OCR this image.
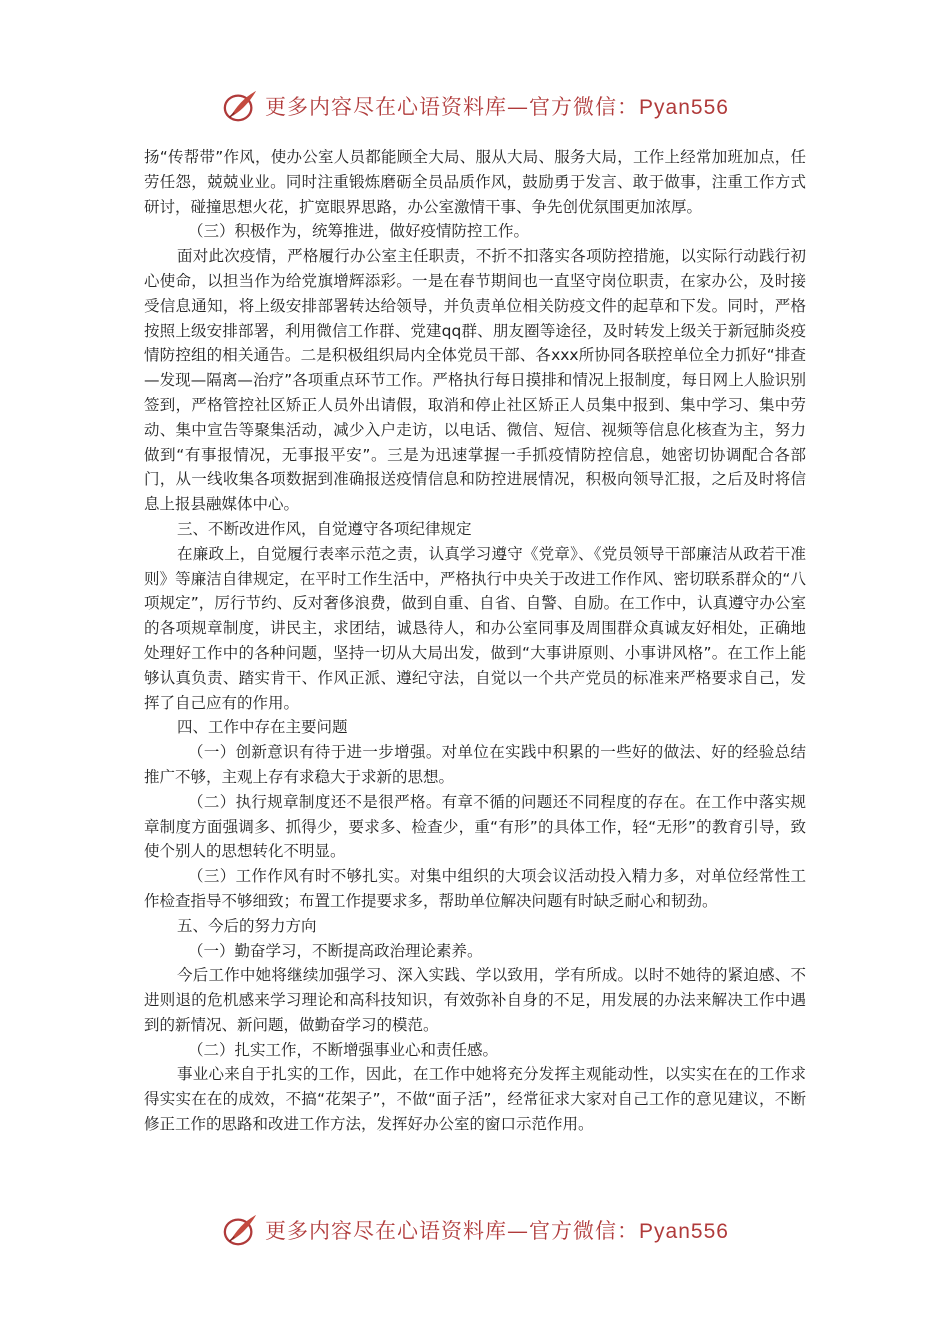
更多内容尽在心语资料库—官方微信：Pyan556

扬“传帮带”作风，使办公室人员都能顾全大局、服从大局、服务大局，工作上经常加班加点，任劳任怨，兢兢业业。同时注重锻炼磨砺全员品质作风，鼓励勇于发言、敢于做事，注重工作方式研讨，碰撞思想火花，扩宽眼界思路，办公室激情干事、争先创优氛围更加浓厚。

（三）积极作为，统筹推进，做好疫情防控工作。

面对此次疫情，严格履行办公室主任职责，不折不扣落实各项防控措施，以实际行动践行初心使命，以担当作为给党旗增辉添彩。一是在春节期间也一直坚守岗位职责，在家办公，及时接受信息通知，将上级安排部署转达给领导，并负责单位相关防疫文件的起草和下发。同时，严格按照上级安排部署，利用微信工作群、党建qq群、朋友圈等途径，及时转发上级关于新冠肺炎疫情防控组的相关通告。二是积极组织局内全体党员干部、各xxx所协同各联控单位全力抓好“排查—发现—隔离—治疗”各项重点环节工作。严格执行每日摸排和情况上报制度，每日网上人脸识别签到，严格管控社区矫正人员外出请假，取消和停止社区矫正人员集中报到、集中学习、集中劳动、集中宣告等聚集活动，减少入户走访，以电话、微信、短信、视频等信息化核查为主，努力做到“有事报情况，无事报平安”。三是为迅速掌握一手抓疫情防控信息，她密切协调配合各部门，从一线收集各项数据到准确报送疫情信息和防控进展情况，积极向领导汇报，之后及时将信息上报县融媒体中心。

三、不断改进作风，自觉遵守各项纪律规定

在廉政上，自觉履行表率示范之责，认真学习遵守《党章》、《党员领导干部廉洁从政若干准则》等廉洁自律规定，在平时工作生活中，严格执行中央关于改进工作作风、密切联系群众的“八项规定”，厉行节约、反对奢侈浪费，做到自重、自省、自警、自励。在工作中，认真遵守办公室的各项规章制度，讲民主，求团结，诚恳待人，和办公室同事及周围群众真诚友好相处，正确地处理好工作中的各种问题，坚持一切从大局出发，做到“大事讲原则、小事讲风格”。在工作上能够认真负责、踏实肯干、作风正派、遵纪守法，自觉以一个共产党员的标准来严格要求自己，发挥了自己应有的作用。

四、工作中存在主要问题

（一）创新意识有待于进一步增强。对单位在实践中积累的一些好的做法、好的经验总结推广不够，主观上存有求稳大于求新的思想。

（二）执行规章制度还不是很严格。有章不循的问题还不同程度的存在。在工作中落实规章制度方面强调多、抓得少，要求多、检查少，重“有形”的具体工作，轻“无形”的教育引导，致使个别人的思想转化不明显。

（三）工作作风有时不够扎实。对集中组织的大项会议活动投入精力多，对单位经常性工作检查指导不够细致；布置工作提要求多，帮助单位解决问题有时缺乏耐心和韧劲。

五、今后的努力方向

（一）勤奋学习，不断提高政治理论素养。

今后工作中她将继续加强学习、深入实践、学以致用，学有所成。以时不她待的紧迫感、不进则退的危机感来学习理论和高科技知识，有效弥补自身的不足，用发展的办法来解决工作中遇到的新情况、新问题，做勤奋学习的模范。

（二）扎实工作，不断增强事业心和责任感。

事业心来自于扎实的工作，因此，在工作中她将充分发挥主观能动性，以实实在在的工作求得实实在在的成效，不搞“花架子”，不做“面子活”，经常征求大家对自己工作的意见建议，不断修正工作的思路和改进工作方法，发挥好办公室的窗口示范作用。

更多内容尽在心语资料库—官方微信：Pyan556
